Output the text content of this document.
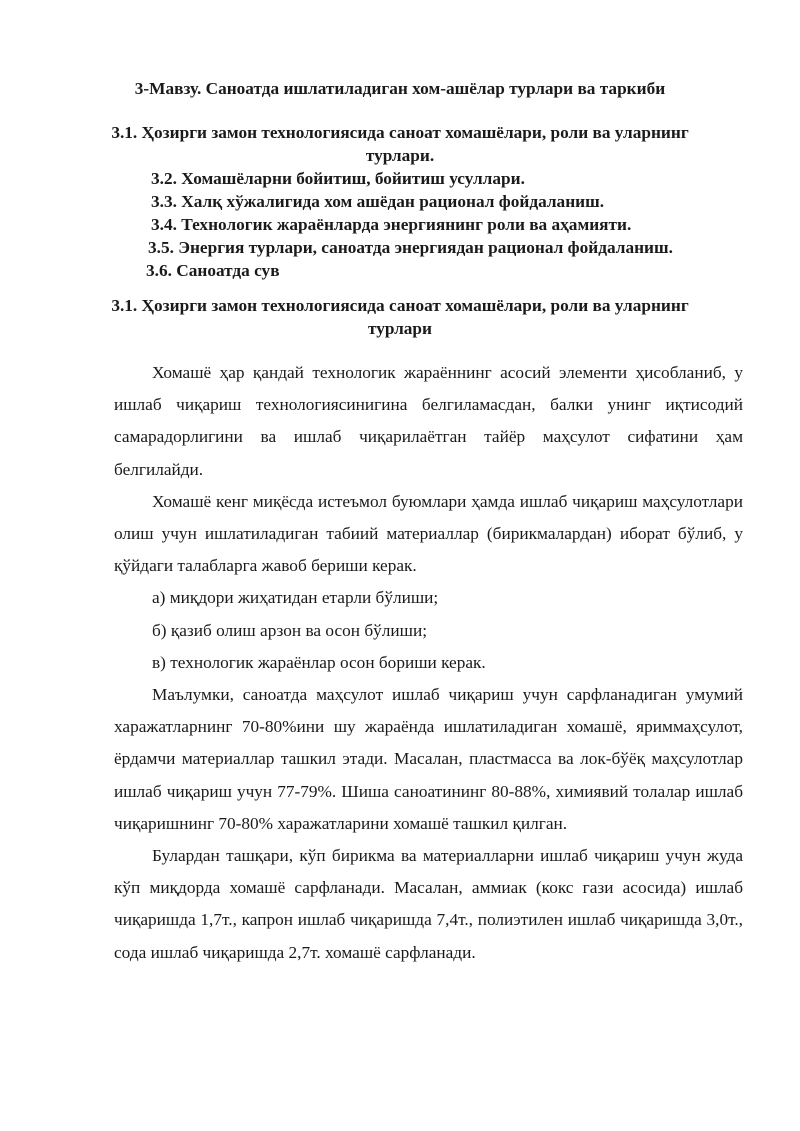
3-Мавзу. Саноатда ишлатиладиган хом-ашёлар турлари ва таркиби

3.1. Ҳозирги замон технологиясида саноат хомашёлари, роли ва уларнинг турлари.

3.2. Хомашёларни бойитиш, бойитиш усуллари.

3.3. Халқ хўжалигида хом ашёдан рационал фойдаланиш.

3.4. Технологик жараёнларда энергиянинг роли ва аҳамияти.

3.5. Энергия турлари, саноатда энергиядан рационал фойдаланиш.

3.6. Саноатда сув

3.1. Ҳозирги замон технологиясида саноат хомашёлари, роли ва уларнинг турлари

Хомашё ҳар қандай технологик жараённинг асосий элементи ҳисобланиб, у ишлаб чиқариш технологиясинигина белгиламасдан, балки унинг иқтисодий самарадорлигини ва ишлаб чиқарилаётган тайёр маҳсулот сифатини ҳам белгилайди.

Хомашё кенг миқёсда истеъмол буюмлари ҳамда ишлаб чиқариш маҳсулотлари олиш учун ишлатиладиган табиий материаллар (бирикмалардан) иборат бўлиб, у қўйдаги талабларга жавоб бериши керак.

а) миқдори жиҳатидан етарли бўлиши;

б) қазиб олиш арзон ва осон бўлиши;

в) технологик жараёнлар осон бориши керак.

Маълумки, саноатда маҳсулот ишлаб чиқариш учун сарфланадиган умумий харажатларнинг 70-80%ини шу жараёнда ишлатиладиган хомашё, яриммаҳсулот, ёрдамчи материаллар ташкил этади. Масалан, пластмасса ва лок-бўёқ маҳсулотлар ишлаб чиқариш учун 77-79%. Шиша саноатининг 80-88%, химиявий толалар ишлаб чиқаришнинг 70-80% харажатларини хомашё ташкил қилган.

Булардан ташқари, кўп бирикма ва материалларни ишлаб чиқариш учун жуда кўп миқдорда хомашё сарфланади. Масалан, аммиак (кокс гази асосида) ишлаб чиқаришда 1,7т., капрон ишлаб чиқаришда 7,4т., полиэтилен ишлаб чиқаришда 3,0т., сода ишлаб чиқаришда 2,7т. хомашё сарфланади.
